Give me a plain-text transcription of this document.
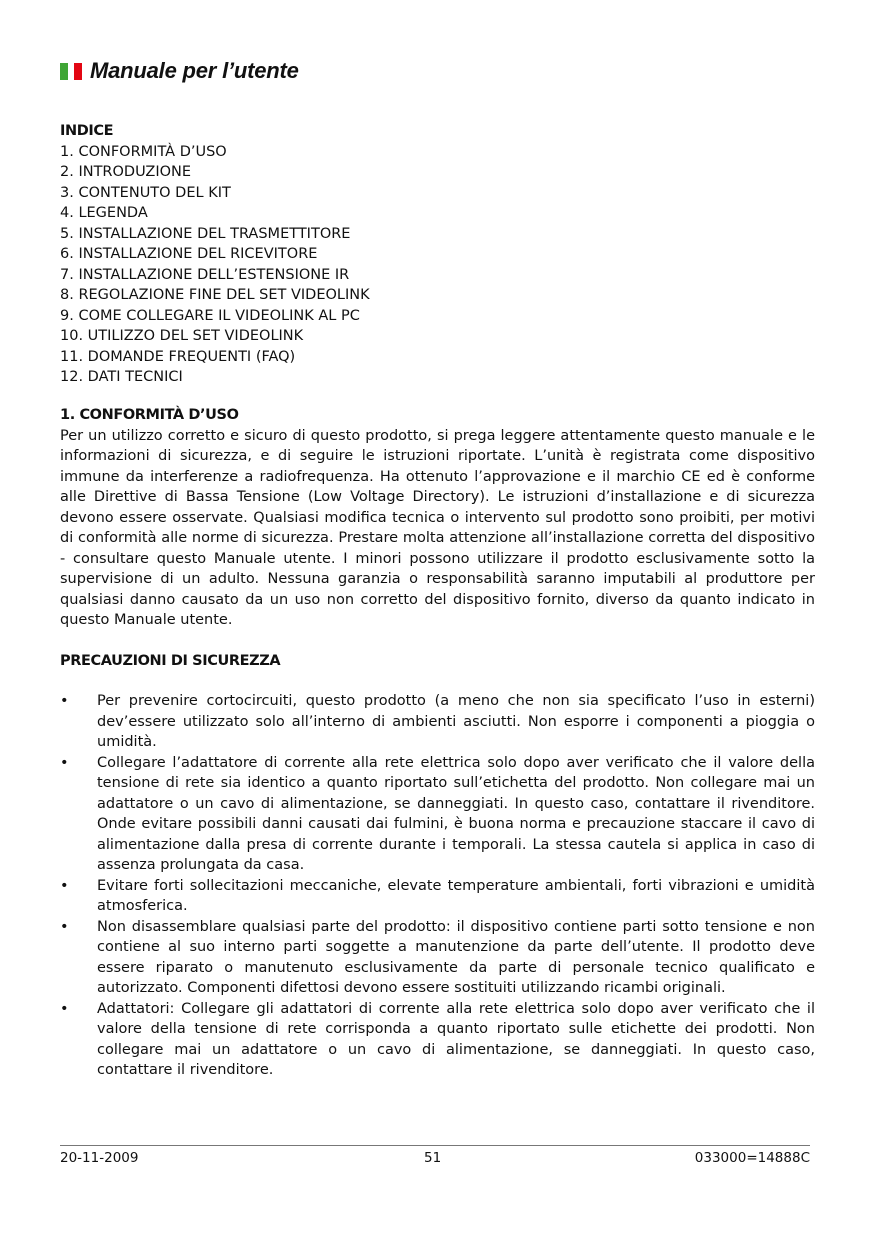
Manuale per l’utente
INDICE
1. CONFORMITÀ D’USO
2. INTRODUZIONE
3. CONTENUTO DEL KIT
4. LEGENDA
5. INSTALLAZIONE DEL TRASMETTITORE
6. INSTALLAZIONE DEL RICEVITORE
7. INSTALLAZIONE DELL’ESTENSIONE IR
8. REGOLAZIONE FINE DEL SET VIDEOLINK
9. COME COLLEGARE IL VIDEOLINK AL PC
10. UTILIZZO DEL SET VIDEOLINK
11. DOMANDE FREQUENTI (FAQ)
12. DATI TECNICI
1. CONFORMITÀ D’USO

Per un utilizzo corretto e sicuro di questo prodotto, si prega leggere attentamente questo manuale e le informazioni di sicurezza, e di seguire le istruzioni riportate. L’unità è registrata come dispositivo immune da interferenze a radiofrequenza. Ha ottenuto l’approvazione e il marchio CE ed è conforme alle Direttive di Bassa Tensione (Low Voltage Directory). Le istruzioni d’installazione e di sicurezza devono essere osservate. Qualsiasi modifica tecnica o intervento sul prodotto sono proibiti, per motivi di conformità alle norme di sicurezza. Prestare molta attenzione all’installazione corretta del dispositivo - consultare questo Manuale utente. I minori possono utilizzare il prodotto esclusivamente sotto la supervisione di un adulto. Nessuna garanzia o responsabilità saranno imputabili al produttore per qualsiasi danno causato da un uso non corretto del dispositivo fornito, diverso da quanto indicato in questo Manuale utente.

PRECAUZIONI DI SICUREZZA
• Per prevenire cortocircuiti, questo prodotto (a meno che non sia specificato l’uso in esterni) dev’essere utilizzato solo all’interno di ambienti asciutti. Non esporre i componenti a pioggia o umidità.
• Collegare l’adattatore di corrente alla rete elettrica solo dopo aver verificato che il valore della tensione di rete sia identico a quanto riportato sull’etichetta del prodotto. Non collegare mai un adattatore o un cavo di alimentazione, se danneggiati. In questo caso, contattare il rivenditore. Onde evitare possibili danni causati dai fulmini, è buona norma e precauzione staccare il cavo di alimentazione dalla presa di corrente durante i temporali. La stessa cautela si applica in caso di assenza prolungata da casa.
• Evitare forti sollecitazioni meccaniche, elevate temperature ambientali, forti vibrazioni e umidità atmosferica.
• Non disassemblare qualsiasi parte del prodotto: il dispositivo contiene parti sotto tensione e non contiene al suo interno parti soggette a manutenzione da parte dell’utente. Il prodotto deve essere riparato o manutenuto esclusivamente da parte di personale tecnico qualificato e autorizzato. Componenti difettosi devono essere sostituiti utilizzando ricambi originali.
• Adattatori: Collegare gli adattatori di corrente alla rete elettrica solo dopo aver verificato che il valore della tensione di rete corrisponda a quanto riportato sulle etichette dei prodotti. Non collegare mai un adattatore o un cavo di alimentazione, se danneggiati. In questo caso, contattare il rivenditore.
20-11-2009	51	033000=14888C
